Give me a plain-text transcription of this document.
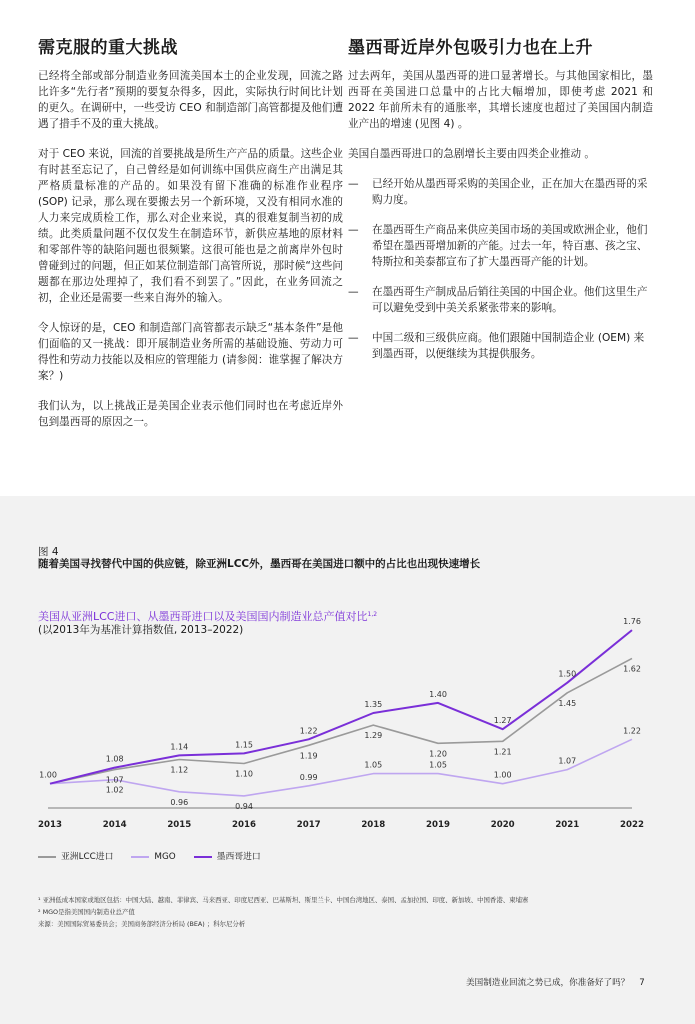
需克服的重大挑战

已经将全部或部分制造业务回流美国本土的企业发现，回流之路比许多“先行者”预期的要复杂得多，因此，实际执行时间比计划的更久。在调研中，一些受访 CEO 和制造部门高管都提及他们遭遇了措手不及的重大挑战。

对于 CEO 来说，回流的首要挑战是所生产产品的质量。这些企业有时甚至忘记了，自己曾经是如何训练中国供应商生产出满足其严格质量标准的产品的。如果没有留下准确的标准作业程序 (SOP) 记录，那么现在要搬去另一个新环境，又没有相同水准的人力来完成质检工作，那么对企业来说，真的很难复制当初的成绩。此类质量问题不仅仅发生在制造环节，新供应基地的原材料和零部件等的缺陷问题也很频繁。这很可能也是之前离岸外包时曾碰到过的问题，但正如某位制造部门高管所说，那时候“这些问题都在那边处理掉了，我们看不到罢了。”因此，在业务回流之初，企业还是需要一些来自海外的输入。

令人惊讶的是，CEO 和制造部门高管都表示缺乏“基本条件”是他们面临的又一挑战：即开展制造业务所需的基础设施、劳动力可得性和劳动力技能以及相应的管理能力 (请参阅：谁掌握了解决方案？)

我们认为，以上挑战正是美国企业表示他们同时也在考虑近岸外包到墨西哥的原因之一。

墨西哥近岸外包吸引力也在上升

过去两年，美国从墨西哥的进口显著增长。与其他国家相比，墨西哥在美国进口总量中的占比大幅增加，即使考虑 2021 和 2022 年前所未有的通胀率，其增长速度也超过了美国国内制造业产出的增速 (见图 4) 。

美国自墨西哥进口的急剧增长主要由四类企业推动 。

— 已经开始从墨西哥采购的美国企业，正在加大在墨西哥的采购力度。
— 在墨西哥生产商品来供应美国市场的美国或欧洲企业，他们希望在墨西哥增加新的产能。过去一年，特百惠、孩之宝、特斯拉和美泰都宣布了扩大墨西哥产能的计划。
— 在墨西哥生产制成品后销往美国的中国企业。他们这里生产可以避免受到中美关系紧张带来的影响。
— 中国二级和三级供应商。他们跟随中国制造企业 (OEM) 来到墨西哥，以便继续为其提供服务。
图 4
随着美国寻找替代中国的供应链，除亚洲LCC外，墨西哥在美国进口额中的占比也出现快速增长
美国从亚洲LCC进口、从墨西哥进口以及美国国内制造业总产值对比$^{1,2}$
(以2013年为基准计算指数值, 2013–2022)
1.07
1.12	1.10
1.19
1.29
1.20	1.21
1.45
1.62
1.02
0.96	0.94
0.99
1.05	1.05
1.00
1.07
1.22
1.00
1.08
1.14	1.15
1.22
1.35
1.40
1.27
1.50
1.76
2013	2014	2015	2016	2017	2018	2019	2020	2021	2022
亚洲LCC进口	MGO	墨西哥进口
¹ 亚洲低成本国家或地区包括：中国大陆、越南、菲律宾、马来西亚、印度尼西亚、巴基斯坦、斯里兰卡、中国台湾地区、泰国、孟加拉国、印度、新加坡、中国香港、柬埔寨
² MGO是指美国国内制造业总产值
来源：美国国际贸易委员会；美国商务部经济分析局 (BEA) ；科尔尼分析
美国制造业回流之势已成，你准备好了吗？ 7
